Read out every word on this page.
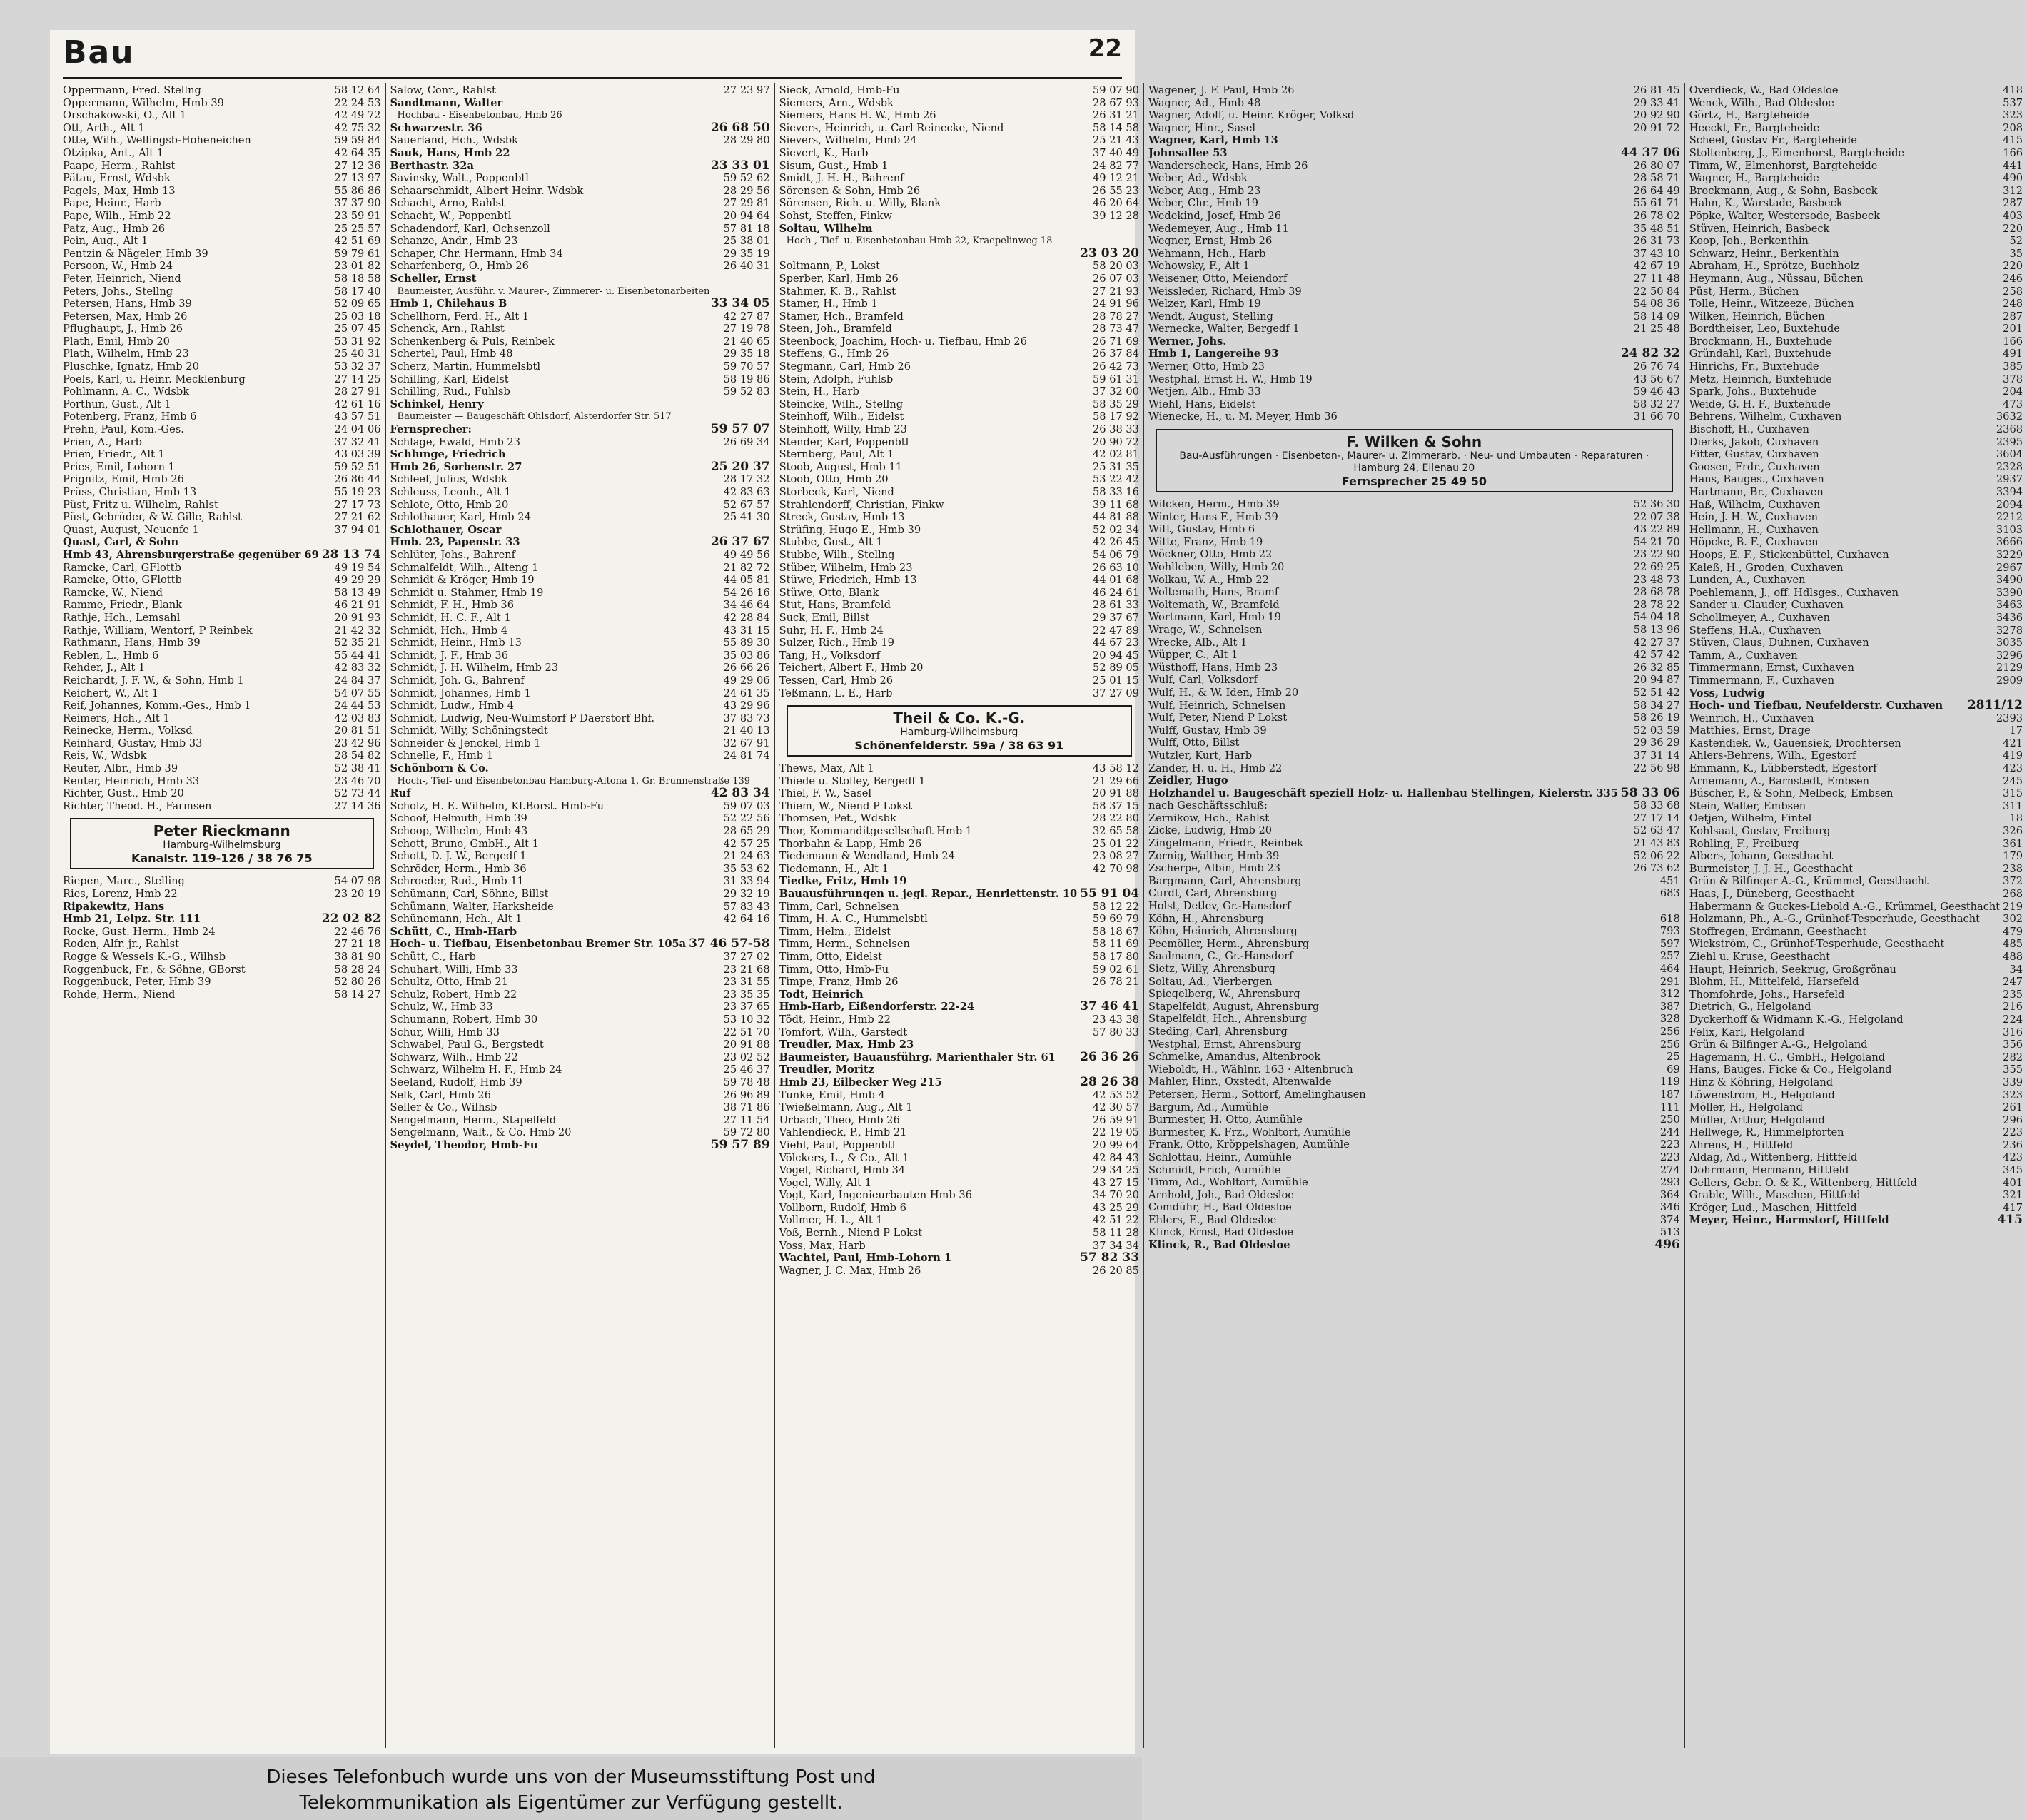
Bau	22
Oppermann, Fred. Stellng	58 12 64
Oppermann, Wilhelm, Hmb 39	22 24 53
Orschakowski, O., Alt 1	42 49 72
Ott, Arth., Alt 1	42 75 32
Otte, Wilh., Wellingsb-Hoheneichen	59 59 84
Otzipka, Ant., Alt 1	42 64 35
Paape, Herm., Rahlst	27 12 36
Pätau, Ernst, Wdsbk	27 13 97
Pagels, Max, Hmb 13	55 86 86
Pape, Heinr., Harb	37 37 90
Pape, Wilh., Hmb 22	23 59 91
Patz, Aug., Hmb 26	25 25 57
Pein, Aug., Alt 1	42 51 69
Pentzin & Nägeler, Hmb 39	59 79 61
Persoon, W., Hmb 24	23 01 82
Peter, Heinrich, Niend	58 18 58
Peters, Johs., Stellng	58 17 40
Petersen, Hans, Hmb 39	52 09 65
Petersen, Max, Hmb 26	25 03 18
Pflughaupt, J., Hmb 26	25 07 45
Plath, Emil, Hmb 20	53 31 92
Plath, Wilhelm, Hmb 23	25 40 31
Pluschke, Ignatz, Hmb 20	53 32 37
Poels, Karl, u. Heinr. Mecklenburg	27 14 25
Pohlmann, A. C., Wdsbk	28 27 91
Porthun, Gust., Alt 1	42 61 16
Potenberg, Franz, Hmb 6	43 57 51
Prehn, Paul, Kom.-Ges.	24 04 06
Prien, A., Harb	37 32 41
Prien, Friedr., Alt 1	43 03 39
Pries, Emil, Lohorn 1	59 52 51
Prignitz, Emil, Hmb 26	26 86 44
Prüss, Christian, Hmb 13	55 19 23
Püst, Fritz u. Wilhelm, Rahlst	27 17 73
Püst, Gebrüder, & W. Gille, Rahlst	27 21 62
Quast, August, Neuenfe 1	37 94 01
Quast, Carl, & Sohn
Hmb 43, Ahrensburgerstraße gegenüber 69 28 13 74
Ramcke, Carl, GFlottb	49 19 54
Ramcke, Otto, GFlottb	49 29 29
Ramcke, W., Niend	58 13 49
Ramme, Friedr., Blank	46 21 91
Rathje, Hch., Lemsahl	20 91 93
Rathje, William, Wentorf, P Reinbek	21 42 32
Rathmann, Hans, Hmb 39	52 35 21
Reblen, L., Hmb 6	55 44 41
Rehder, J., Alt 1	42 83 32
Reichardt, J. F. W., & Sohn, Hmb 1	24 84 37
Reichert, W., Alt 1	54 07 55
Reif, Johannes, Komm.-Ges., Hmb 1	24 44 53
Reimers, Hch., Alt 1	42 03 83
Reinecke, Herm., Volksd	20 81 51
Reinhard, Gustav, Hmb 33	23 42 96
Reis, W., Wdsbk	28 54 82
Reuter, Albr., Hmb 39	52 38 41
Reuter, Heinrich, Hmb 33	23 46 70
Richter, Gust., Hmb 20	52 73 44
Richter, Theod. H., Farmsen	27 14 36
Peter Rieckmann
Hamburg-Wilhelmsburg
Kanalstr. 119-126 / 38 76 75
Riepen, Marc., Stelling	54 07 98
Ries, Lorenz, Hmb 22	23 20 19
Ripakewitz, Hans
Hmb 21, Leipz. Str. 111	22 02 82
Rocke, Gust. Herm., Hmb 24	22 46 76
Roden, Alfr. jr., Rahlst	27 21 18
Rogge & Wessels K.-G., Wilhsb	38 81 90
Roggenbuck, Fr., & Söhne, GBorst	58 28 24
Roggenbuck, Peter, Hmb 39	52 80 26
Rohde, Herm., Niend	58 14 27
Salow, Conr., Rahlst	27 23 97
Sandtmann, Walter
Hochbau - Eisenbetonbau, Hmb 26
Schwarzestr. 36	26 68 50
Sauerland, Hch., Wdsbk	28 29 80
Sauk, Hans, Hmb 22
Berthastr. 32a	23 33 01
Savinsky, Walt., Poppenbtl	59 52 62
Schaarschmidt, Albert Heinr. Wdsbk	28 29 56
Schacht, Arno, Rahlst	27 29 81
Schacht, W., Poppenbtl	20 94 64
Schadendorf, Karl, Ochsenzoll	57 81 18
Schanze, Andr., Hmb 23	25 38 01
Schaper, Chr. Hermann, Hmb 34	29 35 19
Scharfenberg, O., Hmb 26	26 40 31
Scheller, Ernst
Baumeister, Ausführ. v. Maurer-, Zimmerer- u. Eisenbetonarbeiten
Hmb 1, Chilehaus B	33 34 05
Schellhorn, Ferd. H., Alt 1	42 27 87
Schenck, Arn., Rahlst	27 19 78
Schenkenberg & Puls, Reinbek	21 40 65
Schertel, Paul, Hmb 48	29 35 18
Scherz, Martin, Hummelsbtl	59 70 57
Schilling, Karl, Eidelst	58 19 86
Schilling, Rud., Fuhlsb	59 52 83
Schinkel, Henry
Baumeister — Baugeschäft Ohlsdorf, Alsterdorfer Str. 517
Fernsprecher:	59 57 07
Schlage, Ewald, Hmb 23	26 69 34
Schlunge, Friedrich
Hmb 26, Sorbenstr. 27	25 20 37
Schleef, Julius, Wdsbk	28 17 32
Schleuss, Leonh., Alt 1	42 83 63
Schlote, Otto, Hmb 20	52 67 57
Schlothauer, Karl, Hmb 24	25 41 30
Schlothauer, Oscar
Hmb. 23, Papenstr. 33	26 37 67
Schlüter, Johs., Bahrenf	49 49 56
Schmalfeldt, Wilh., Alteng 1	21 82 72
Schmidt & Kröger, Hmb 19	44 05 81
Schmidt u. Stahmer, Hmb 19	54 26 16
Schmidt, F. H., Hmb 36	34 46 64
Schmidt, H. C. F., Alt 1	42 28 84
Schmidt, Hch., Hmb 4	43 31 15
Schmidt, Heinr., Hmb 13	55 89 30
Schmidt, J. F., Hmb 36	35 03 86
Schmidt, J. H. Wilhelm, Hmb 23	26 66 26
Schmidt, Joh. G., Bahrenf	49 29 06
Schmidt, Johannes, Hmb 1	24 61 35
Schmidt, Ludw., Hmb 4	43 29 96
Schmidt, Ludwig, Neu-Wulmstorf P Daerstorf Bhf.	37 83 73
Schmidt, Willy, Schöningstedt	21 40 13
Schneider & Jenckel, Hmb 1	32 67 91
Schnelle, F., Hmb 1	24 81 74
Schönborn & Co.
Hoch-, Tief- und Eisenbetonbau Hamburg-Altona 1, Gr. Brunnenstraße 139
Ruf	42 83 34
Scholz, H. E. Wilhelm, Kl.Borst. Hmb-Fu	59 07 03
Schoof, Helmuth, Hmb 39	52 22 56
Schoop, Wilhelm, Hmb 43	28 65 29
Schott, Bruno, GmbH., Alt 1	42 57 25
Schott, D. J. W., Bergedf 1	21 24 63
Schröder, Herm., Hmb 36	35 53 62
Schroeder, Rud., Hmb 11	31 33 94
Schümann, Carl, Söhne, Billst	29 32 19
Schümann, Walter, Harksheide	57 83 43
Schünemann, Hch., Alt 1	42 64 16
Schütt, C., Hmb-Harb
Hoch- u. Tiefbau, Eisenbetonbau Bremer Str. 105a 37 46 57-58
Schütt, C., Harb	37 27 02
Schuhart, Willi, Hmb 33	23 21 68
Schultz, Otto, Hmb 21	23 31 55
Schulz, Robert, Hmb 22	23 35 35
Schulz, W., Hmb 33	23 37 65
Schumann, Robert, Hmb 30	53 10 32
Schur, Willi, Hmb 33	22 51 70
Schwabel, Paul G., Bergstedt	20 91 88
Schwarz, Wilh., Hmb 22	23 02 52
Schwarz, Wilhelm H. F., Hmb 24	25 46 37
Seeland, Rudolf, Hmb 39	59 78 48
Selk, Carl, Hmb 26	26 96 89
Seller & Co., Wilhsb	38 71 86
Sengelmann, Herm., Stapelfeld	27 11 54
Sengelmann, Walt., & Co. Hmb 20	59 72 80
Seydel, Theodor, Hmb-Fu	59 57 89
Sieck, Arnold, Hmb-Fu	59 07 90
Siemers, Arn., Wdsbk	28 67 93
Siemers, Hans H. W., Hmb 26	26 31 21
Sievers, Heinrich, u. Carl Reinecke, Niend	58 14 58
Sievers, Wilhelm, Hmb 24	25 21 43
Sievert, K., Harb	37 40 49
Sisum, Gust., Hmb 1	24 82 77
Smidt, J. H. H., Bahrenf	49 12 21
Sörensen & Sohn, Hmb 26	26 55 23
Sörensen, Rich. u. Willy, Blank	46 20 64
Sohst, Steffen, Finkw	39 12 28
Soltau, Wilhelm
Hoch-, Tief- u. Eisenbetonbau Hmb 22, Kraepelinweg 18
23 03 20
Soltmann, P., Lokst	58 20 03
Sperber, Karl, Hmb 26	26 07 03
Stahmer, K. B., Rahlst	27 21 93
Stamer, H., Hmb 1	24 91 96
Stamer, Hch., Bramfeld	28 78 27
Steen, Joh., Bramfeld	28 73 47
Steenbock, Joachim, Hoch- u. Tiefbau, Hmb 26	26 71 69
Steffens, G., Hmb 26	26 37 84
Stegmann, Carl, Hmb 26	26 42 73
Stein, Adolph, Fuhlsb	59 61 31
Stein, H., Harb	37 32 00
Steincke, Wilh., Stellng	58 35 29
Steinhoff, Wilh., Eidelst	58 17 92
Steinhoff, Willy, Hmb 23	26 38 33
Stender, Karl, Poppenbtl	20 90 72
Sternberg, Paul, Alt 1	42 02 81
Stoob, August, Hmb 11	25 31 35
Stoob, Otto, Hmb 20	53 22 42
Storbeck, Karl, Niend	58 33 16
Strahlendorff, Christian, Finkw	39 11 68
Streck, Gustav, Hmb 13	44 81 88
Strüfing, Hugo E., Hmb 39	52 02 34
Stubbe, Gust., Alt 1	42 26 45
Stubbe, Wilh., Stellng	54 06 79
Stüber, Wilhelm, Hmb 23	26 63 10
Stüwe, Friedrich, Hmb 13	44 01 68
Stüwe, Otto, Blank	46 24 61
Stut, Hans, Bramfeld	28 61 33
Suck, Emil, Billst	29 37 67
Suhr, H. F., Hmb 24	22 47 89
Sulzer, Rich., Hmb 19	44 67 23
Tang, H., Volksdorf	20 94 45
Teichert, Albert F., Hmb 20	52 89 05
Tessen, Carl, Hmb 26	25 01 15
Teßmann, L. E., Harb	37 27 09
Theil & Co. K.-G.
Hamburg-Wilhelmsburg
Schönenfelderstr. 59a / 38 63 91
Thews, Max, Alt 1	43 58 12
Thiede u. Stolley, Bergedf 1	21 29 66
Thiel, F. W., Sasel	20 91 88
Thiem, W., Niend P Lokst	58 37 15
Thomsen, Pet., Wdsbk	28 22 80
Thor, Kommanditgesellschaft Hmb 1	32 65 58
Thorbahn & Lapp, Hmb 26	25 01 22
Tiedemann & Wendland, Hmb 24	23 08 27
Tiedemann, H., Alt 1	42 70 98
Tiedke, Fritz, Hmb 19
Bauausführungen u. jegl. Repar., Henriettenstr. 10 55 91 04
Timm, Carl, Schnelsen	58 12 22
Timm, H. A. C., Hummelsbtl	59 69 79
Timm, Helm., Eidelst	58 18 67
Timm, Herm., Schnelsen	58 11 69
Timm, Otto, Eidelst	58 17 80
Timm, Otto, Hmb-Fu	59 02 61
Timpe, Franz, Hmb 26	26 78 21
Todt, Heinrich
Hmb-Harb, Eißendorferstr. 22-24	37 46 41
Tödt, Heinr., Hmb 22	23 43 38
Tomfort, Wilh., Garstedt	57 80 33
Treudler, Max, Hmb 23
Baumeister, Bauausführg. Marienthaler Str. 61	26 36 26
Treudler, Moritz
Hmb 23, Eilbecker Weg 215	28 26 38
Tunke, Emil, Hmb 4	42 53 52
Twießelmann, Aug., Alt 1	42 30 57
Urbach, Theo, Hmb 26	26 59 91
Vahlendieck, P., Hmb 21	22 19 05
Viehl, Paul, Poppenbtl	20 99 64
Völckers, L., & Co., Alt 1	42 84 43
Vogel, Richard, Hmb 34	29 34 25
Vogel, Willy, Alt 1	43 27 15
Vogt, Karl, Ingenieurbauten Hmb 36	34 70 20
Vollborn, Rudolf, Hmb 6	43 25 29
Vollmer, H. L., Alt 1	42 51 22
Voß, Bernh., Niend P Lokst	58 11 28
Voss, Max, Harb	37 34 34
Wachtel, Paul, Hmb-Lohorn 1	57 82 33
Wagner, J. C. Max, Hmb 26	26 20 85
Wagener, J. F. Paul, Hmb 26	26 81 45
Wagner, Ad., Hmb 48	29 33 41
Wagner, Adolf, u. Heinr. Kröger, Volksd	20 92 90
Wagner, Hinr., Sasel	20 91 72
Wagner, Karl, Hmb 13
Johnsallee 53	44 37 06
Wanderscheck, Hans, Hmb 26	26 80 07
Weber, Ad., Wdsbk	28 58 71
Weber, Aug., Hmb 23	26 64 49
Weber, Chr., Hmb 19	55 61 71
Wedekind, Josef, Hmb 26	26 78 02
Wedemeyer, Aug., Hmb 11	35 48 51
Wegner, Ernst, Hmb 26	26 31 73
Wehmann, Hch., Harb	37 43 10
Wehowsky, F., Alt 1	42 67 19
Weisener, Otto, Meiendorf	27 11 48
Weissleder, Richard, Hmb 39	22 50 84
Welzer, Karl, Hmb 19	54 08 36
Wendt, August, Stelling	58 14 09
Wernecke, Walter, Bergedf 1	21 25 48
Werner, Johs.
Hmb 1, Langereihe 93	24 82 32
Werner, Otto, Hmb 23	26 76 74
Westphal, Ernst H. W., Hmb 19	43 56 67
Wetjen, Alb., Hmb 33	59 46 43
Wiehl, Hans, Eidelst	58 32 27
Wienecke, H., u. M. Meyer, Hmb 36	31 66 70
F. Wilken & Sohn
Bau-Ausführungen · Eisenbeton-, Maurer- u. Zimmerarb. · Neu- und Umbauten · Reparaturen · Hamburg 24, Eilenau 20
Fernsprecher 25 49 50
Wilcken, Herm., Hmb 39	52 36 30
Winter, Hans F., Hmb 39	22 07 38
Witt, Gustav, Hmb 6	43 22 89
Witte, Franz, Hmb 19	54 21 70
Wöckner, Otto, Hmb 22	23 22 90
Wohlleben, Willy, Hmb 20	22 69 25
Wolkau, W. A., Hmb 22	23 48 73
Woltemath, Hans, Bramf	28 68 78
Woltemath, W., Bramfeld	28 78 22
Wortmann, Karl, Hmb 19	54 04 18
Wrage, W., Schnelsen	58 13 96
Wrecke, Alb., Alt 1	42 27 37
Wüpper, C., Alt 1	42 57 42
Wüsthoff, Hans, Hmb 23	26 32 85
Wulf, Carl, Volksdorf	20 94 87
Wulf, H., & W. Iden, Hmb 20	52 51 42
Wulf, Heinrich, Schnelsen	58 34 27
Wulf, Peter, Niend P Lokst	58 26 19
Wulff, Gustav, Hmb 39	52 03 59
Wulff, Otto, Billst	29 36 29
Wutzler, Kurt, Harb	37 31 14
Zander, H. u. H., Hmb 22	22 56 98
Zeidler, Hugo
Holzhandel u. Baugeschäft speziell Holz- u. Hallenbau Stellingen, Kielerstr. 335 58 33 06
nach Geschäftsschluß:	58 33 68
Zernikow, Hch., Rahlst	27 17 14
Zicke, Ludwig, Hmb 20	52 63 47
Zingelmann, Friedr., Reinbek	21 43 83
Zornig, Walther, Hmb 39	52 06 22
Zscherpe, Albin, Hmb 23	26 73 62
Bargmann, Carl, Ahrensburg	451
Curdt, Carl, Ahrensburg	683
Holst, Detlev, Gr.-Hansdorf
Köhn, H., Ahrensburg	618
Köhn, Heinrich, Ahrensburg	793
Peemöller, Herm., Ahrensburg	597
Saalmann, C., Gr.-Hansdorf	257
Sietz, Willy, Ahrensburg	464
Soltau, Ad., Vierbergen	291
Spiegelberg, W., Ahrensburg	312
Stapelfeldt, August, Ahrensburg	387
Stapelfeldt, Hch., Ahrensburg	328
Steding, Carl, Ahrensburg	256
Westphal, Ernst, Ahrensburg	256
Schmelke, Amandus, Altenbrook	25
Wieboldt, H., Wählnr. 163 · Altenbruch	69
Mahler, Hinr., Oxstedt, Altenwalde	119
Petersen, Herm., Sottorf, Amelinghausen	187
Bargum, Ad., Aumühle	111
Burmester, H. Otto, Aumühle	250
Burmester, K. Frz., Wohltorf, Aumühle	244
Frank, Otto, Kröppelshagen, Aumühle	223
Schlottau, Heinr., Aumühle	223
Schmidt, Erich, Aumühle	274
Timm, Ad., Wohltorf, Aumühle	293
Arnhold, Joh., Bad Oldesloe	364
Comdühr, H., Bad Oldesloe	346
Ehlers, E., Bad Oldesloe	374
Klinck, Ernst, Bad Oldesloe	513
Klinck, R., Bad Oldesloe	496
Overdieck, W., Bad Oldesloe	418
Wenck, Wilh., Bad Oldesloe	537
Görtz, H., Bargteheide	323
Heeckt, Fr., Bargteheide	208
Scheel, Gustav Fr., Bargteheide	415
Stoltenberg, J., Eimenhorst, Bargteheide	166
Timm, W., Elmenhorst, Bargteheide	441
Wagner, H., Bargteheide	490
Brockmann, Aug., & Sohn, Basbeck	312
Hahn, K., Warstade, Basbeck	287
Pöpke, Walter, Westersode, Basbeck	403
Stüven, Heinrich, Basbeck	220
Koop, Joh., Berkenthin	52
Schwarz, Heinr., Berkenthin	35
Abraham, H., Sprötze, Buchholz	220
Heymann, Aug., Nüssau, Büchen	246
Püst, Herm., Büchen	258
Tolle, Heinr., Witzeeze, Büchen	248
Wilken, Heinrich, Büchen	287
Bordtheiser, Leo, Buxtehude	201
Brockmann, H., Buxtehude	166
Gründahl, Karl, Buxtehude	491
Hinrichs, Fr., Buxtehude	385
Metz, Heinrich, Buxtehude	378
Spark, Johs., Buxtehude	204
Weide, G. H. F., Buxtehude	473
Behrens, Wilhelm, Cuxhaven	3632
Bischoff, H., Cuxhaven	2368
Dierks, Jakob, Cuxhaven	2395
Fitter, Gustav, Cuxhaven	3604
Goosen, Frdr., Cuxhaven	2328
Hans, Bauges., Cuxhaven	2937
Hartmann, Br., Cuxhaven	3394
Haß, Wilhelm, Cuxhaven	2094
Hein, J. H. W., Cuxhaven	2212
Hellmann, H., Cuxhaven	3103
Höpcke, B. F., Cuxhaven	3666
Hoops, E. F., Stickenbüttel, Cuxhaven	3229
Kaleß, H., Groden, Cuxhaven	2967
Lunden, A., Cuxhaven	3490
Poehlemann, J., off. Hdlsges., Cuxhaven	3390
Sander u. Clauder, Cuxhaven	3463
Schollmeyer, A., Cuxhaven	3436
Steffens, H.A., Cuxhaven	3278
Stüven, Claus, Duhnen, Cuxhaven	3035
Tamm, A., Cuxhaven	3296
Timmermann, Ernst, Cuxhaven	2129
Timmermann, F., Cuxhaven	2909
Voss, Ludwig
Hoch- und Tiefbau, Neufelderstr. Cuxhaven	2811/12
Weinrich, H., Cuxhaven	2393
Matthies, Ernst, Drage	17
Kastendiek, W., Gauensiek, Drochtersen	421
Ahlers-Behrens, Wilh., Egestorf	419
Emmann, K., Lübberstedt, Egestorf	423
Arnemann, A., Barnstedt, Embsen	245
Büscher, P., & Sohn, Melbeck, Embsen	315
Stein, Walter, Embsen	311
Oetjen, Wilhelm, Fintel	18
Kohlsaat, Gustav, Freiburg	326
Rohling, F., Freiburg	361
Albers, Johann, Geesthacht	179
Burmeister, J. J. H., Geesthacht	238
Grün & Bilfinger A.-G., Krümmel, Geesthacht	372
Haas, J., Düneberg, Geesthacht	268
Habermann & Guckes-Liebold A.-G., Krümmel, Geesthacht 219
Holzmann, Ph., A.-G., Grünhof-Tesperhude, Geesthacht	302
Stoffregen, Erdmann, Geesthacht	479
Wickström, C., Grünhof-Tesperhude, Geesthacht	485
Ziehl u. Kruse, Geesthacht	488
Haupt, Heinrich, Seekrug, Großgrönau	34
Blohm, H., Mittelfeld, Harsefeld	247
Thomfohrde, Johs., Harsefeld	235
Dietrich, G., Helgoland	216
Dyckerhoff & Widmann K.-G., Helgoland	224
Felix, Karl, Helgoland	316
Grün & Bilfinger A.-G., Helgoland	356
Hagemann, H. C., GmbH., Helgoland	282
Hans, Bauges. Ficke & Co., Helgoland	355
Hinz & Köhring, Helgoland	339
Löwenstrom, H., Helgoland	323
Möller, H., Helgoland	261
Müller, Arthur, Helgoland	296
Hellwege, R., Himmelpforten	223
Ahrens, H., Hittfeld	236
Aldag, Ad., Wittenberg, Hittfeld	423
Dohrmann, Hermann, Hittfeld	345
Gellers, Gebr. O. & K., Wittenberg, Hittfeld	401
Grable, Wilh., Maschen, Hittfeld	321
Kröger, Lud., Maschen, Hittfeld	417
Meyer, Heinr., Harmstorf, Hittfeld	415
Dieses Telefonbuch wurde uns von der Museumsstiftung Post und
Telekommunikation als Eigentümer zur Verfügung gestellt.
